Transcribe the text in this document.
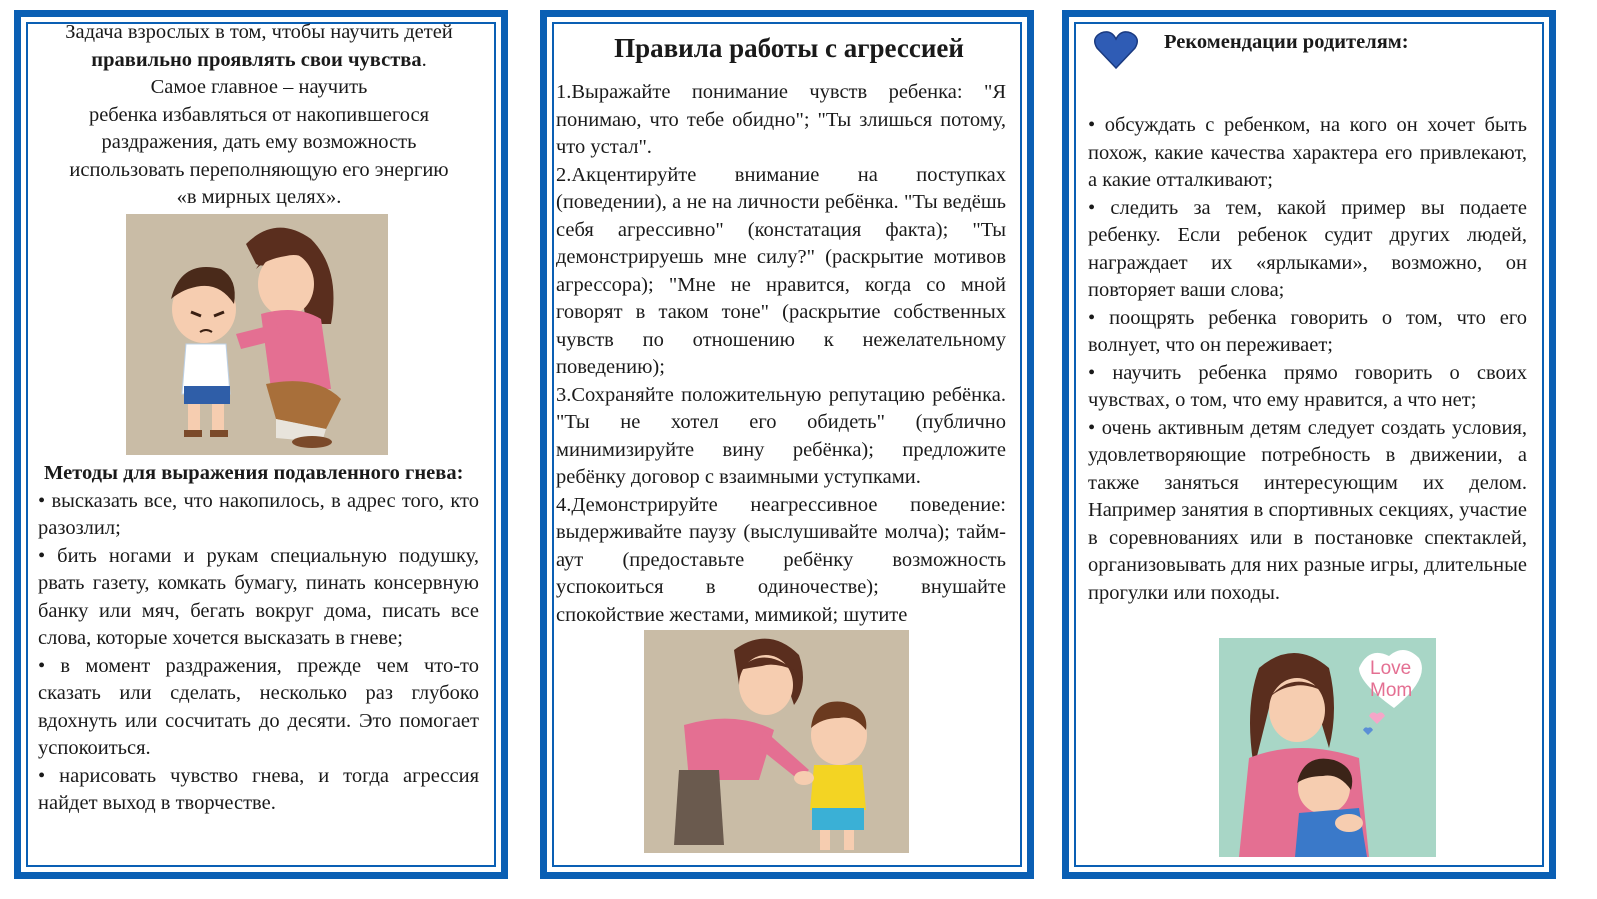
Задача взрослых в том, чтобы научить детей правильно проявлять свои чувства.
Самое главное – научить
ребенка избавляться от накопившегося
раздражения, дать ему возможность
использовать переполняющую его энергию
«в мирных целях».
Методы для выражения подавленного гнева:

• высказать все, что накопилось, в адрес того, кто разозлил;

• бить ногами и рукам специальную подушку, рвать газету, комкать бумагу, пинать консервную банку или мяч, бегать вокруг дома, писать все слова, которые хочется высказать в гневе;

• в момент раздражения, прежде чем что-то сказать или сделать, несколько раз глубоко вдохнуть или сосчитать до десяти. Это помогает успокоиться.

• нарисовать чувство гнева, и тогда агрессия найдет выход в творчестве.

Правила работы с агрессией

1.Выражайте понимание чувств ребенка: "Я понимаю, что тебе обидно"; "Ты злишься потому, что устал".

2.Акцентируйте внимание на поступках (поведении), а не на личности ребёнка. "Ты ведёшь себя агрессивно" (констатация факта); "Ты демонстрируешь мне силу?" (раскрытие мотивов агрессора); "Мне не нравится, когда со мной говорят в таком тоне" (раскрытие собственных чувств по отношению к нежелательному поведению);

3.Сохраняйте положительную репутацию ребёнка. "Ты не хотел его обидеть" (публично минимизируйте вину ребёнка); предложите ребёнку договор с взаимными уступками.

4.Демонстрируйте неагрессивное поведение: выдерживайте паузу (выслушивайте молча); тайм-аут (предоставьте ребёнку возможность успокоиться в одиночестве); внушайте спокойствие жестами, мимикой; шутите

Рекомендации родителям:

• обсуждать с ребенком, на кого он хочет быть похож, какие качества характера его привлекают, а какие отталкивают;

• следить за тем, какой пример вы подаете ребенку. Если ребенок судит других людей, награждает их «ярлыками», возможно, он повторяет ваши слова;

• поощрять ребенка говорить о том, что его волнует, что он переживает;

• научить ребенка прямо говорить о своих чувствах, о том, что ему нравится, а что нет;

• очень активным детям следует создать условия, удовлетворяющие потребность в движении, а также заняться интересующим их делом. Например занятия в спортивных секциях, участие в соревнованиях или в постановке спектаклей, организовывать для них разные игры, длительные прогулки или походы.

Love
Mom
